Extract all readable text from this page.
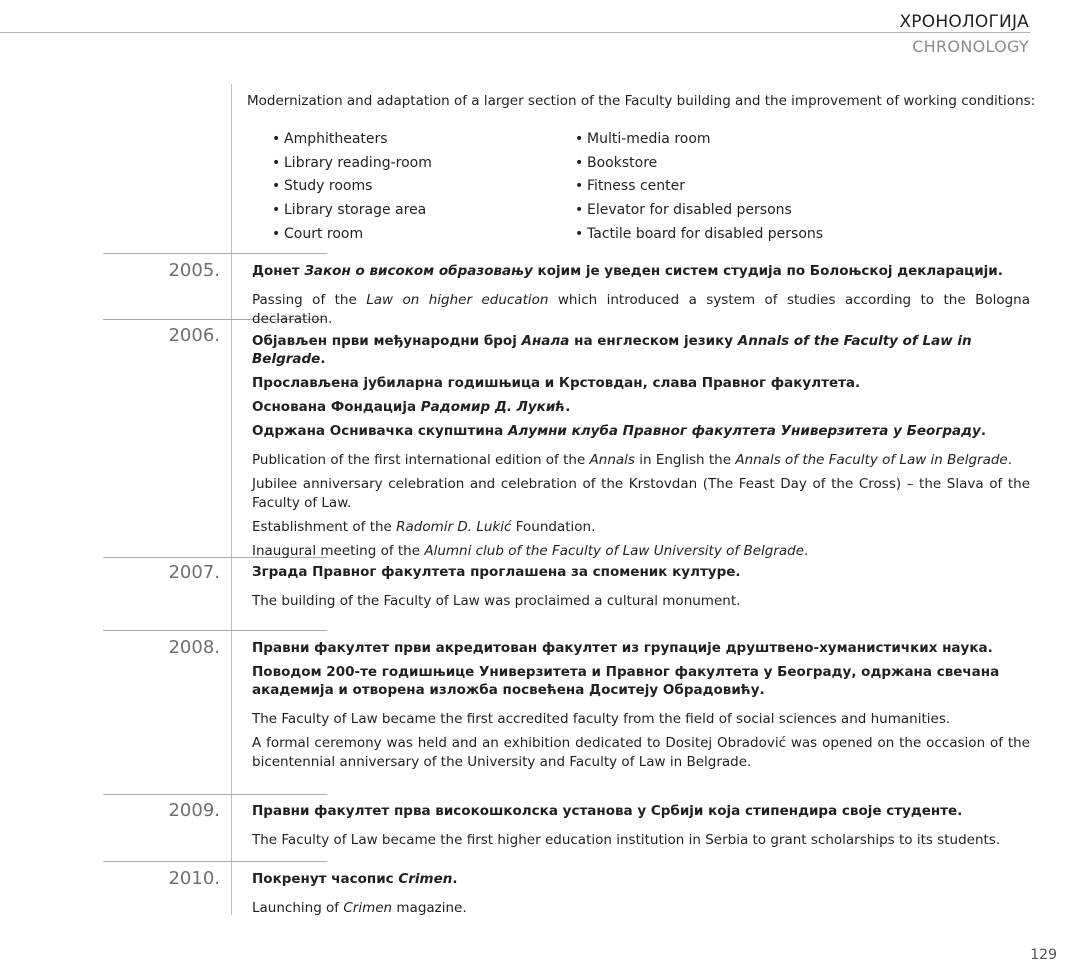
ХРОНОЛОГИЈА
CHRONOLOGY
Modernization and adaptation of a larger section of the Faculty building and the improvement of working conditions:
• Amphitheaters
• Library reading-room
• Study rooms
• Library storage area
• Court room
• Multi-media room
• Bookstore
• Fitness center
• Elevator for disabled persons
• Tactile board for disabled persons
2005. Донет Закон о високом образовању којим је уведен систем студија по Болоњској декларацији.

Passing of the Law on higher education which introduced a system of studies according to the Bologna declaration.

2006. Објављен први међународни број Анала на енглеском језику Annals of the Faculty of Law in Belgrade.

Прослављена јубиларна годишњица и Крстовдан, слава Правног факултета.

Основана Фондација Радомир Д. Лукић.

Одржана Оснивачка скупштина Алумни клуба Правног факултета Универзитета у Београду.

Publication of the first international edition of the Annals in English the Annals of the Faculty of Law in Belgrade.

Jubilee anniversary celebration and celebration of the Krstovdan (The Feast Day of the Cross) – the Slava of the Faculty of Law.

Establishment of the Radomir D. Lukić Foundation.

Inaugural meeting of the Alumni club of the Faculty of Law University of Belgrade.

2007. Зграда Правног факултета проглашена за споменик културе.

The building of the Faculty of Law was proclaimed a cultural monument.

2008. Правни факултет први акредитован факултет из групације друштвено-хуманистичких наука.

Поводом 200-те годишњице Универзитета и Правног факултета у Београду, одржана свечана академија и отворена изложба посвећена Доситеју Обрадовићу.

The Faculty of Law became the first accredited faculty from the field of social sciences and humanities.

A formal ceremony was held and an exhibition dedicated to Dositej Obradović was opened on the occasion of the bicentennial anniversary of the University and Faculty of Law in Belgrade.

2009. Правни факултет прва високошколска установа у Србији која стипендира своје студенте.

The Faculty of Law became the first higher education institution in Serbia to grant scholarships to its students.

2010. Покренут часопис Crimen.

Launching of Crimen magazine.

129
